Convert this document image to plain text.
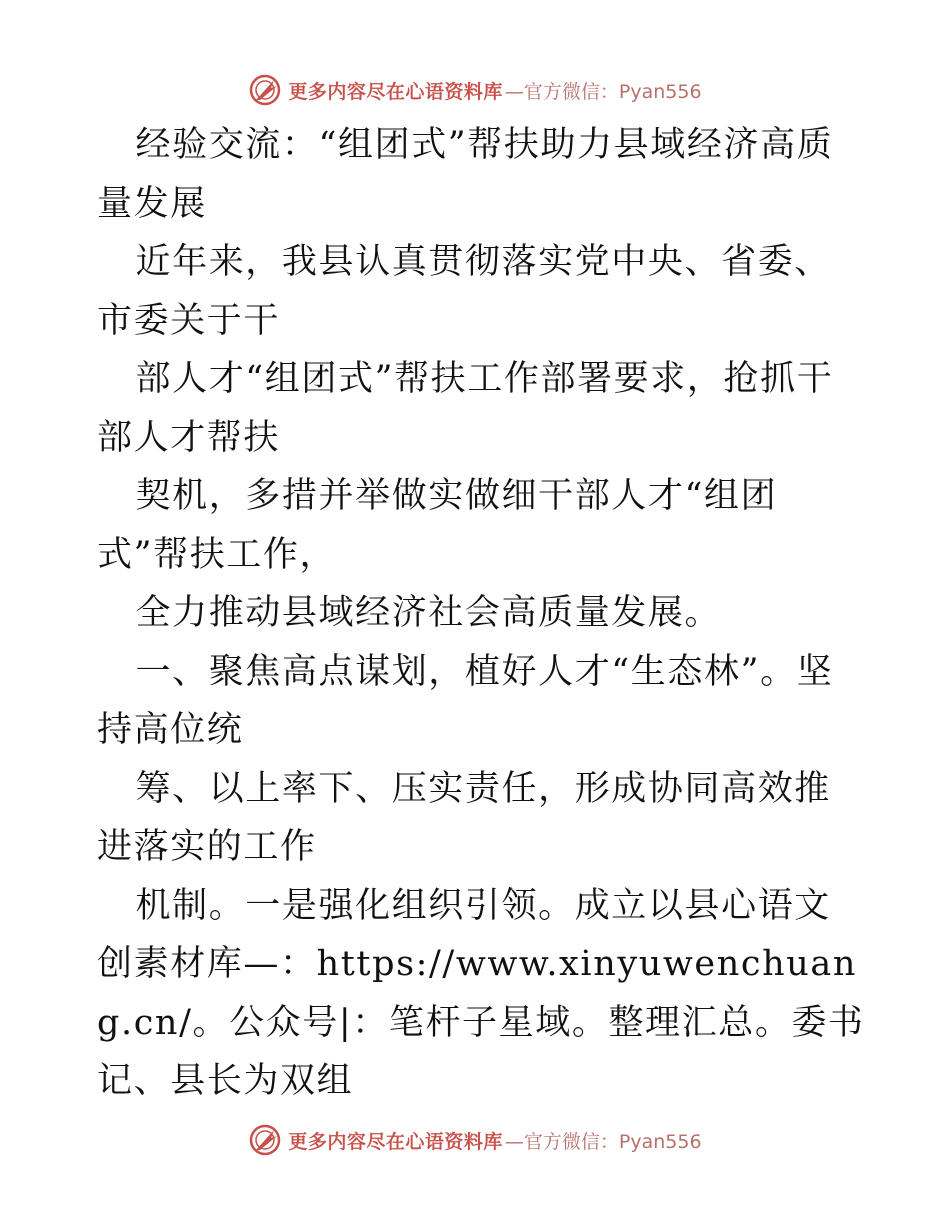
更多内容尽在心语资料库 —官方微信：Pyan556

经验交流：“组团式”帮扶助力县域经济高质量发展

近年来，我县认真贯彻落实党中央、省委、市委关于干

部人才“组团式”帮扶工作部署要求，抢抓干部人才帮扶

契机，多措并举做实做细干部人才“组团式”帮扶工作，

全力推动县域经济社会高质量发展。

一、聚焦高点谋划，植好人才“生态林”。坚持高位统

筹、以上率下、压实责任，形成协同高效推进落实的工作

机制。一是强化组织引领。成立以县心语文创素材库—：https://www.xinyuwenchuang.cn/。公众号|：笔杆子星域。整理汇总。委书记、县长为双组

更多内容尽在心语资料库 —官方微信：Pyan556
